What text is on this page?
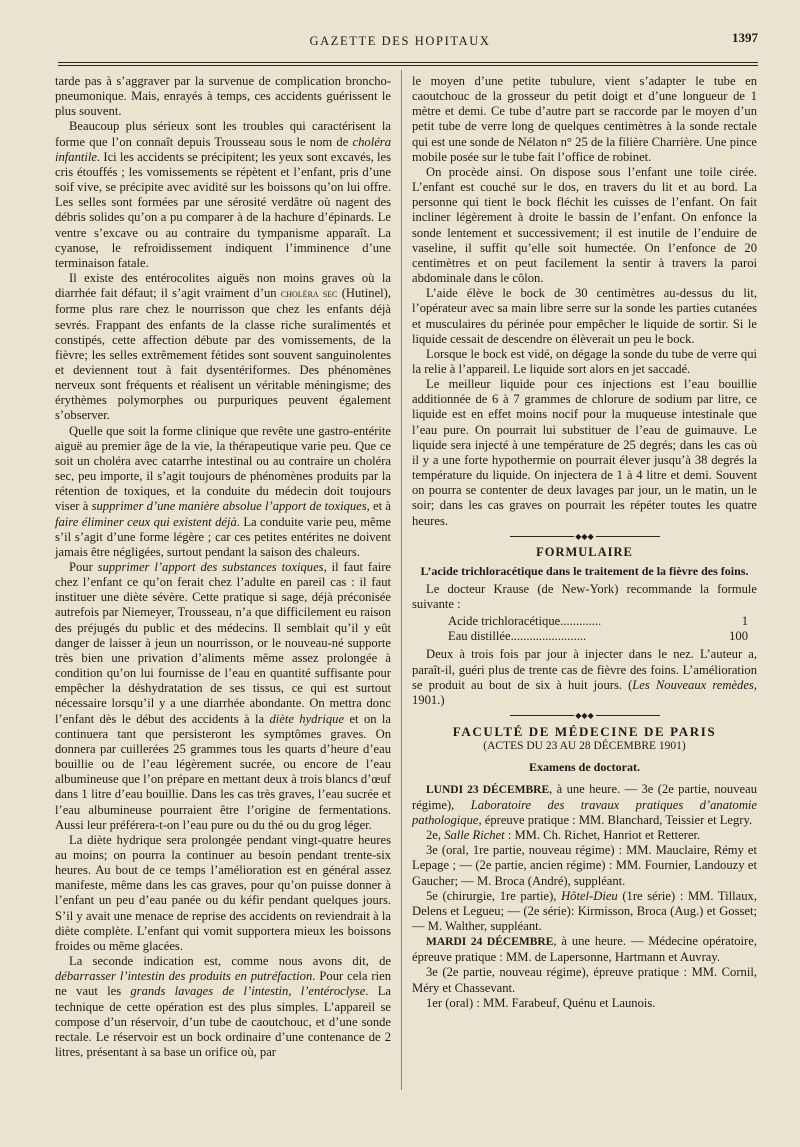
GAZETTE DES HOPITAUX	1397

tarde pas à s’aggraver par la survenue de complication broncho-pneumonique. Mais, enrayés à temps, ces accidents guérissent le plus souvent.

Beaucoup plus sérieux sont les troubles qui caractérisent la forme que l’on connaît depuis Trousseau sous le nom de choléra infantile. Ici les accidents se précipitent; les yeux sont excavés, les cris étouffés ; les vomissements se répètent et l’enfant, pris d’une soif vive, se précipite avec avidité sur les boissons qu’on lui offre. Les selles sont formées par une sérosité verdâtre où nagent des débris solides qu’on a pu comparer à de la hachure d’épinards. Le ventre s’excave ou au contraire du tympanisme apparaît. La cyanose, le refroidissement indiquent l’imminence d’une terminaison fatale.

Il existe des entérocolites aiguës non moins graves où la diarrhée fait défaut; il s’agit vraiment d’un choléra sec (Hutinel), forme plus rare chez le nourrisson que chez les enfants déjà sevrés. Frappant des enfants de la classe riche suralimentés et constipés, cette affection débute par des vomissements, de la fièvre; les selles extrêmement fétides sont souvent sanguinolentes et deviennent tout à fait dysentériformes. Des phénomènes nerveux sont fréquents et réalisent un véritable méningisme; des érythèmes polymorphes ou purpuriques peuvent également s’observer.

Quelle que soit la forme clinique que revête une gastro-entérite aiguë au premier âge de la vie, la thérapeutique varie peu. Que ce soit un choléra avec catarrhe intestinal ou au contraire un choléra sec, peu importe, il s’agit toujours de phénomènes produits par la rétention de toxiques, et la conduite du médecin doit toujours viser à supprimer d’une manière absolue l’apport de toxiques, et à faire éliminer ceux qui existent déjà. La conduite varie peu, même s’il s’agit d’une forme légère ; car ces petites entérites ne doivent jamais être négligées, surtout pendant la saison des chaleurs.

Pour supprimer l’apport des substances toxiques, il faut faire chez l’enfant ce qu’on ferait chez l’adulte en pareil cas : il faut instituer une diète sévère. Cette pratique si sage, déjà préconisée autrefois par Niemeyer, Trousseau, n’a que difficilement eu raison des préjugés du public et des médecins. Il semblait qu’il y eût danger de laisser à jeun un nourrisson, or le nouveau-né supporte très bien une privation d’aliments même assez prolongée à condition qu’on lui fournisse de l’eau en quantité suffisante pour empêcher la déshydratation de ses tissus, ce qui est surtout nécessaire lorsqu’il y a une diarrhée abondante. On mettra donc l’enfant dès le début des accidents à la diète hydrique et on la continuera tant que persisteront les symptômes graves. On donnera par cuillerées 25 grammes tous les quarts d’heure d’eau bouillie ou de l’eau légèrement sucrée, ou encore de l’eau albumineuse que l’on prépare en mettant deux à trois blancs d’œuf dans 1 litre d’eau bouillie. Dans les cas très graves, l’eau sucrée et l’eau albumineuse pourraient être l’origine de fermentations. Aussi leur préférera-t-on l’eau pure ou du thé ou du grog léger.

La diète hydrique sera prolongée pendant vingt-quatre heures au moins; on pourra la continuer au besoin pendant trente-six heures. Au bout de ce temps l’amélioration est en général assez manifeste, même dans les cas graves, pour qu’on puisse donner à l’enfant un peu d’eau panée ou du kéfir pendant quelques jours. S’il y avait une menace de reprise des accidents on reviendrait à la diète complète. L’enfant qui vomit supportera mieux les boissons froides ou même glacées.

La seconde indication est, comme nous avons dit, de débarrasser l’intestin des produits en putréfaction. Pour cela rien ne vaut les grands lavages de l’intestin, l’entéroclyse. La technique de cette opération est des plus simples. L’appareil se compose d’un réservoir, d’un tube de caoutchouc, et d’une sonde rectale. Le réservoir est un bock ordinaire d’une contenance de 2 litres, présentant à sa base un orifice où, par

le moyen d’une petite tubulure, vient s’adapter le tube en caoutchouc de la grosseur du petit doigt et d’une longueur de 1 mètre et demi. Ce tube d’autre part se raccorde par le moyen d’un petit tube de verre long de quelques centimètres à la sonde rectale qui est une sonde de Nélaton n° 25 de la filière Charrière. Une pince mobile posée sur le tube fait l’office de robinet.

On procède ainsi. On dispose sous l’enfant une toile cirée. L’enfant est couché sur le dos, en travers du lit et au bord. La personne qui tient le bock fléchit les cuisses de l’enfant. On fait incliner légèrement à droite le bassin de l’enfant. On enfonce la sonde lentement et successivement; il est inutile de l’enduire de vaseline, il suffit qu’elle soit humectée. On l’enfonce de 20 centimètres et on peut facilement la sentir à travers la paroi abdominale dans le côlon.

L’aide élève le bock de 30 centimètres au-dessus du lit, l’opérateur avec sa main libre serre sur la sonde les parties cutanées et musculaires du périnée pour empêcher le liquide de sortir. Si le liquide cessait de descendre on élèverait un peu le bock.

Lorsque le bock est vidé, on dégage la sonde du tube de verre qui la relie à l’appareil. Le liquide sort alors en jet saccadé.

Le meilleur liquide pour ces injections est l’eau bouillie additionnée de 6 à 7 grammes de chlorure de sodium par litre, ce liquide est en effet moins nocif pour la muqueuse intestinale que l’eau pure. On pourrait lui substituer de l’eau de guimauve. Le liquide sera injecté à une température de 25 degrés; dans les cas où il y a une forte hypothermie on pourrait élever jusqu’à 38 degrés la température du liquide. On injectera de 1 à 4 litre et demi. Souvent on pourra se contenter de deux lavages par jour, un le matin, un le soir; dans les cas graves on pourrait les répéter toutes les quatre heures.

◆◆◆
FORMULAIRE
L’acide trichloracétique dans le traitement de la fièvre des foins.

Le docteur Krause (de New-York) recommande la formule suivante :

Acide trichloracétique.............	1
Eau distillée........................	100

Deux à trois fois par jour à injecter dans le nez. L’auteur a, paraît-il, guéri plus de trente cas de fièvre des foins. L’amélioration se produit au bout de six à huit jours. (Les Nouveaux remèdes, 1901.)

◆◆◆
FACULTÉ DE MÉDECINE DE PARIS
(ACTES DU 23 AU 28 DÉCEMBRE 1901)
Examens de doctorat.

LUNDI 23 DÉCEMBRE, à une heure. — 3e (2e partie, nouveau régime), Laboratoire des travaux pratiques d’anatomie pathologique, épreuve pratique : MM. Blanchard, Teissier et Legry.

2e, Salle Richet : MM. Ch. Richet, Hanriot et Retterer.

3e (oral, 1re partie, nouveau régime) : MM. Mauclaire, Rémy et Lepage ; — (2e partie, ancien régime) : MM. Fournier, Landouzy et Gaucher; — M. Broca (André), suppléant.

5e (chirurgie, 1re partie), Hôtel-Dieu (1re série) : MM. Tillaux, Delens et Legueu; — (2e série): Kirmisson, Broca (Aug.) et Gosset; — M. Walther, suppléant.

MARDI 24 DÉCEMBRE, à une heure. — Médecine opératoire, épreuve pratique : MM. de Lapersonne, Hartmann et Auvray.

3e (2e partie, nouveau régime), épreuve pratique : MM. Cornil, Méry et Chassevant.

1er (oral) : MM. Farabeuf, Quénu et Launois.
